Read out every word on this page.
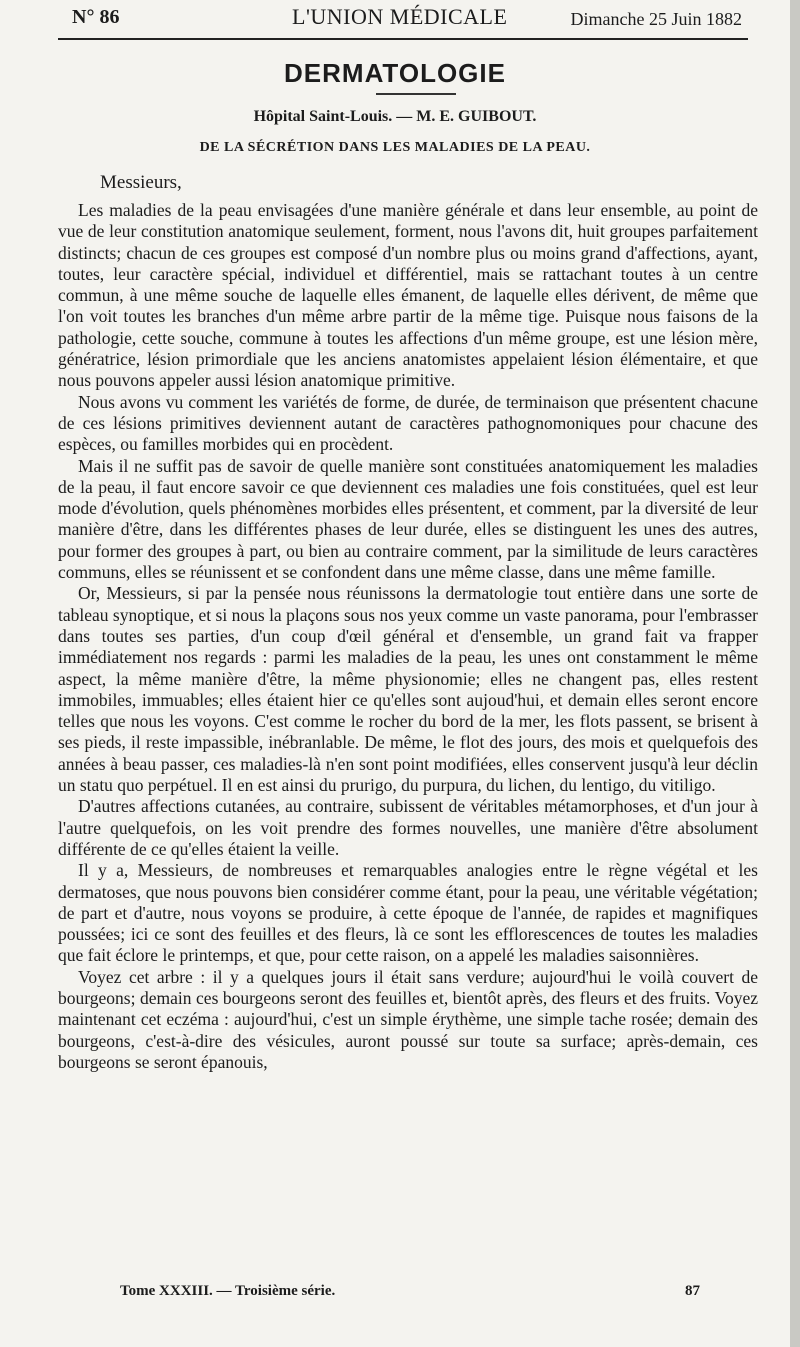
N° 86	L'UNION MÉDICALE	Dimanche 25 Juin 1882
DERMATOLOGIE
Hôpital Saint-Louis. — M. E. GUIBOUT.
DE LA SÉCRÉTION DANS LES MALADIES DE LA PEAU.
Messieurs,

Les maladies de la peau envisagées d'une manière générale et dans leur ensemble, au point de vue de leur constitution anatomique seulement, forment, nous l'avons dit, huit groupes parfaitement distincts; chacun de ces groupes est composé d'un nombre plus ou moins grand d'affections, ayant, toutes, leur caractère spécial, individuel et différentiel, mais se rattachant toutes à un centre commun, à une même souche de laquelle elles émanent, de laquelle elles dérivent, de même que l'on voit toutes les branches d'un même arbre partir de la même tige. Puisque nous faisons de la pathologie, cette souche, commune à toutes les affections d'un même groupe, est une lésion mère, génératrice, lésion primordiale que les anciens anatomistes appelaient lésion élémentaire, et que nous pouvons appeler aussi lésion anatomique primitive.

Nous avons vu comment les variétés de forme, de durée, de terminaison que présentent chacune de ces lésions primitives deviennent autant de caractères pathognomoniques pour chacune des espèces, ou familles morbides qui en procèdent.

Mais il ne suffit pas de savoir de quelle manière sont constituées anatomiquement les maladies de la peau, il faut encore savoir ce que deviennent ces maladies une fois constituées, quel est leur mode d'évolution, quels phénomènes morbides elles présentent, et comment, par la diversité de leur manière d'être, dans les différentes phases de leur durée, elles se distinguent les unes des autres, pour former des groupes à part, ou bien au contraire comment, par la similitude de leurs caractères communs, elles se réunissent et se confondent dans une même classe, dans une même famille.

Or, Messieurs, si par la pensée nous réunissons la dermatologie tout entière dans une sorte de tableau synoptique, et si nous la plaçons sous nos yeux comme un vaste panorama, pour l'embrasser dans toutes ses parties, d'un coup d'œil général et d'ensemble, un grand fait va frapper immédiatement nos regards : parmi les maladies de la peau, les unes ont constamment le même aspect, la même manière d'être, la même physionomie; elles ne changent pas, elles restent immobiles, immuables; elles étaient hier ce qu'elles sont aujoud'hui, et demain elles seront encore telles que nous les voyons. C'est comme le rocher du bord de la mer, les flots passent, se brisent à ses pieds, il reste impassible, inébranlable. De même, le flot des jours, des mois et quelquefois des années à beau passer, ces maladies-là n'en sont point modifiées, elles conservent jusqu'à leur déclin un statu quo perpétuel. Il en est ainsi du prurigo, du purpura, du lichen, du lentigo, du vitiligo.

D'autres affections cutanées, au contraire, subissent de véritables métamorphoses, et d'un jour à l'autre quelquefois, on les voit prendre des formes nouvelles, une manière d'être absolument différente de ce qu'elles étaient la veille.

Il y a, Messieurs, de nombreuses et remarquables analogies entre le règne végétal et les dermatoses, que nous pouvons bien considérer comme étant, pour la peau, une véritable végétation; de part et d'autre, nous voyons se produire, à cette époque de l'année, de rapides et magnifiques poussées; ici ce sont des feuilles et des fleurs, là ce sont les efflorescences de toutes les maladies que fait éclore le printemps, et que, pour cette raison, on a appelé les maladies saisonnières.

Voyez cet arbre : il y a quelques jours il était sans verdure; aujourd'hui le voilà couvert de bourgeons; demain ces bourgeons seront des feuilles et, bientôt après, des fleurs et des fruits. Voyez maintenant cet eczéma : aujourd'hui, c'est un simple érythème, une simple tache rosée; demain des bourgeons, c'est-à-dire des vésicules, auront poussé sur toute sa surface; après-demain, ces bourgeons se seront épanouis,

Tome XXXIII. — Troisième série.	87
